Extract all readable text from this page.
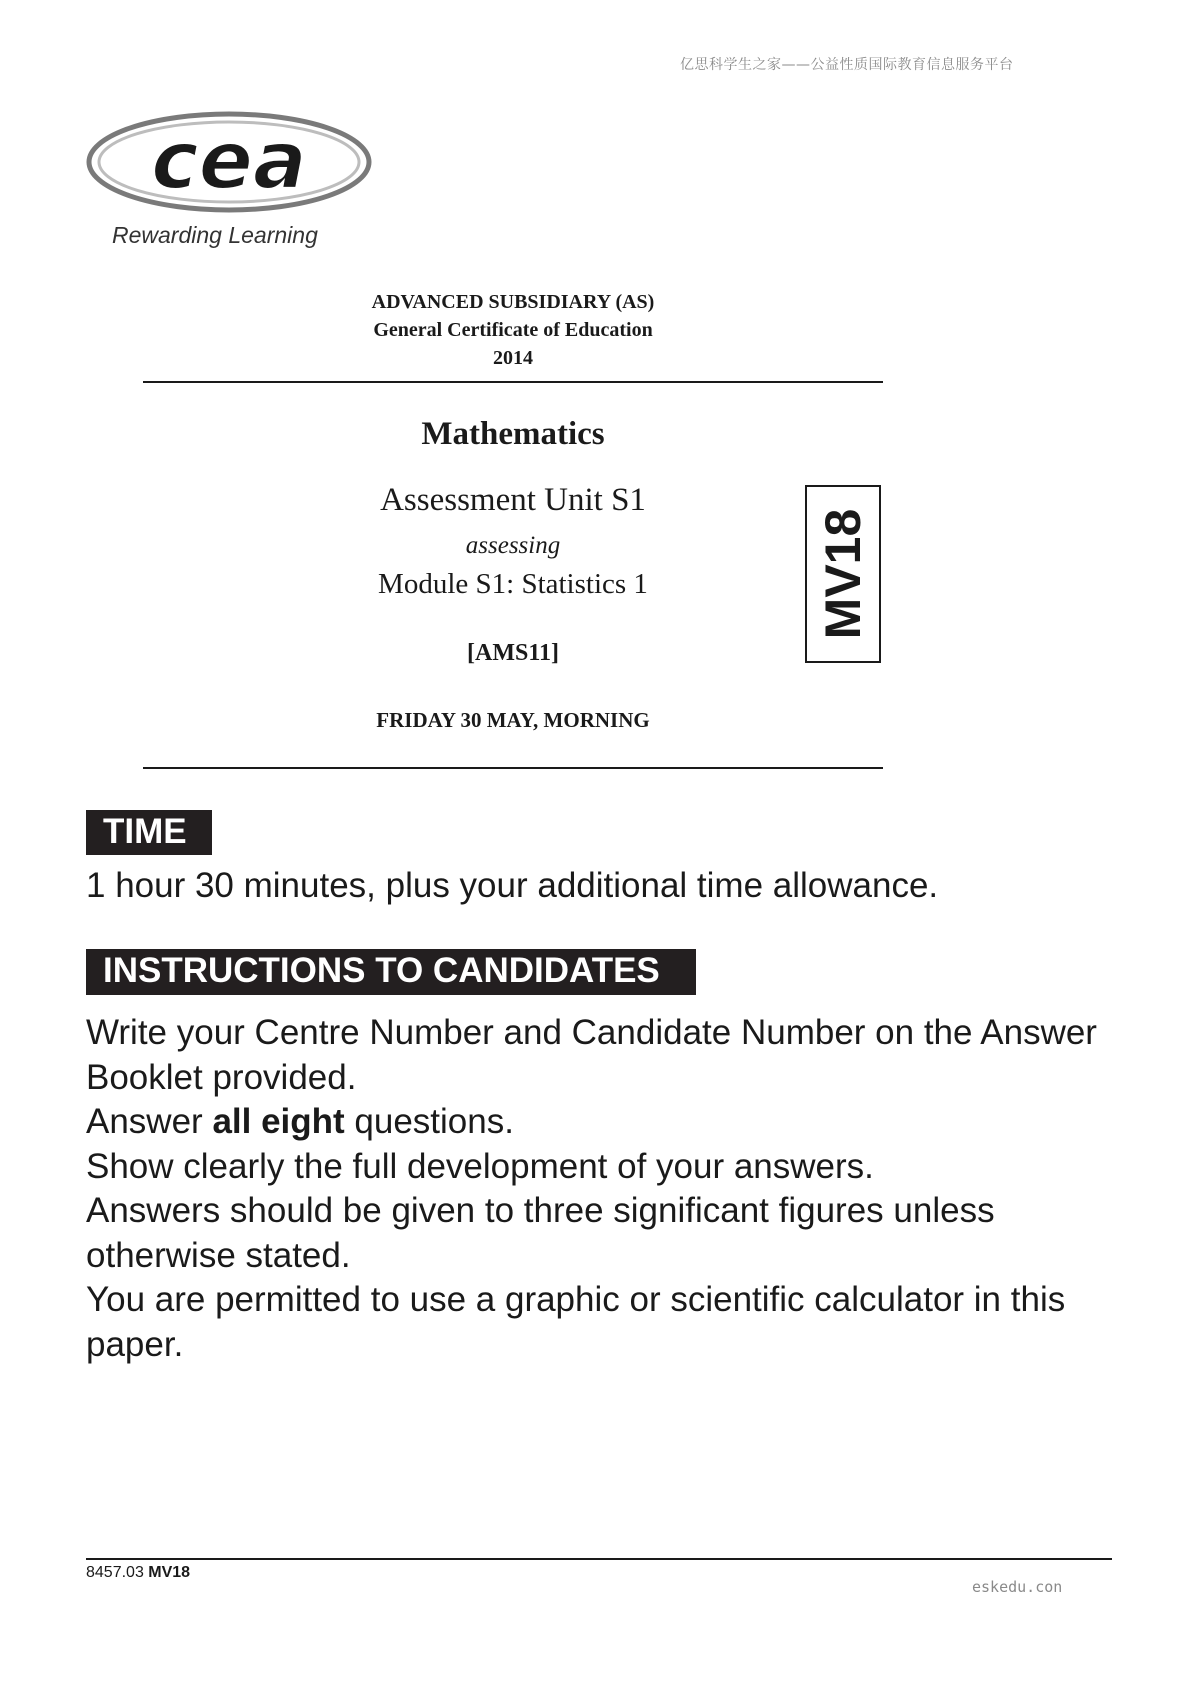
亿思科学生之家——公益性质国际教育信息服务平台
cea
Rewarding Learning
ADVANCED SUBSIDIARY (AS)
General Certificate of Education
2014
Mathematics
Assessment Unit S1
assessing
Module S1: Statistics 1
[AMS11]
FRIDAY 30 MAY, MORNING
MV18
TIME
1 hour 30 minutes, plus your additional time allowance.
INSTRUCTIONS TO CANDIDATES

Write your Centre Number and Candidate Number on the Answer Booklet provided.

Answer all eight questions.

Show clearly the full development of your answers.

Answers should be given to three significant figures unless otherwise stated.

You are permitted to use a graphic or scientific calculator in this paper.

8457.03 MV18
eskedu.con
